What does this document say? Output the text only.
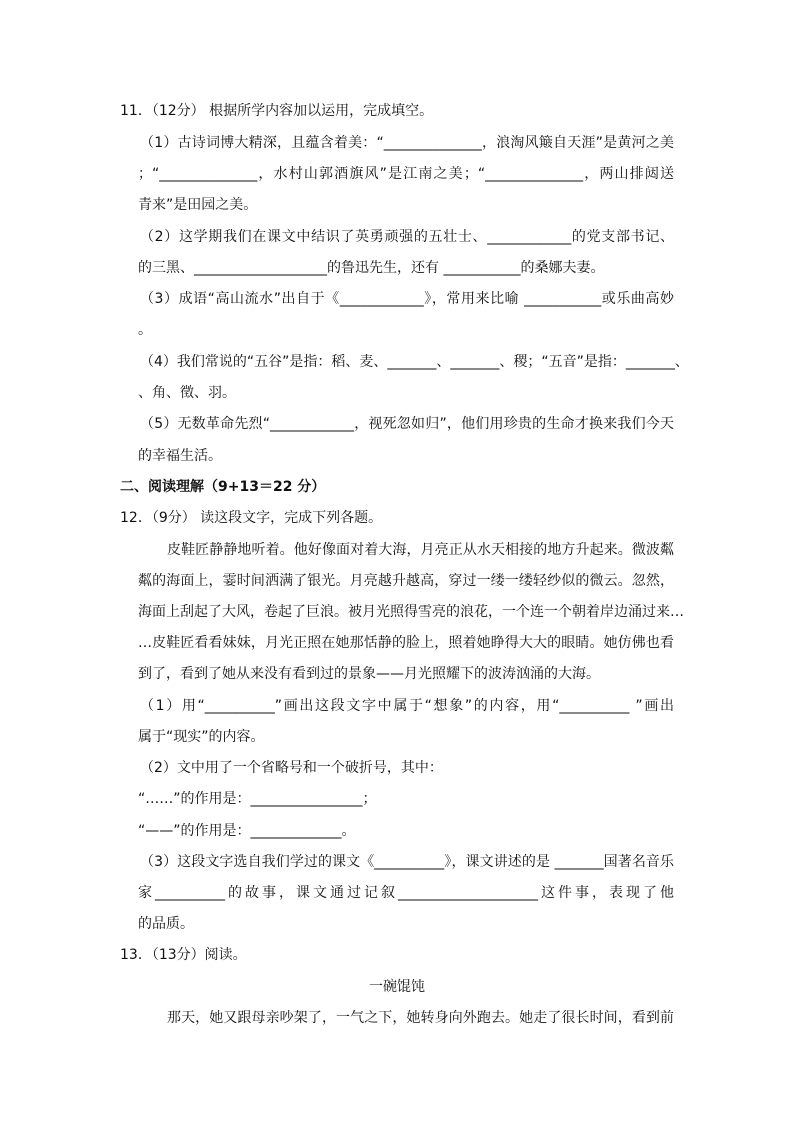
11．（12分） 根据所学内容加以运用，完成填空。
（1）古诗词博大精深，且蕴含着美：“______________，浪淘风簸自天涯”是黄河之美
；“______________，水村山郭酒旗风”是江南之美；“______________，两山排闼送
青来”是田园之美。
（2）这学期我们在课文中结识了英勇顽强的五壮士、____________的党支部书记、
的三黑、___________________的鲁迅先生，还有 ___________的桑娜夫妻。
（3）成语“高山流水”出自于《____________》，常用来比喻 ___________或乐曲高妙
。
（4）我们常说的“五谷”是指：稻、麦、_______、_______、稷；“五音”是指：_______、
、角、徵、羽。
（5）无数革命先烈“____________，视死忽如归”，他们用珍贵的生命才换来我们今天
的幸福生活。
二、阅读理解（9+13＝22 分）
12．（9分） 读这段文字，完成下列各题。
皮鞋匠静静地听着。他好像面对着大海，月亮正从水天相接的地方升起来。微波粼
粼的海面上，霎时间洒满了银光。月亮越升越高，穿过一缕一缕轻纱似的微云。忽然，
海面上刮起了大风，卷起了巨浪。被月光照得雪亮的浪花，一个连一个朝着岸边涌过来…
…皮鞋匠看看妹妹，月光正照在她那恬静的脸上，照着她睁得大大的眼睛。她仿佛也看
到了，看到了她从来没有看到过的景象——月光照耀下的波涛汹涌的大海。
（1）用“__________”画出这段文字中属于“想象”的内容，用“__________ ”画出
属于“现实”的内容。
（2）文中用了一个省略号和一个破折号，其中：
“……”的作用是：________________；
“——”的作用是：_____________。
（3）这段文字选自我们学过的课文《__________》，课文讲述的是 _______国著名音乐
家__________的故事，课文通过记叙____________________这件事，表现了他
的品质。
13．（13分）阅读。
一碗馄饨
那天，她又跟母亲吵架了，一气之下，她转身向外跑去。她走了很长时间，看到前
